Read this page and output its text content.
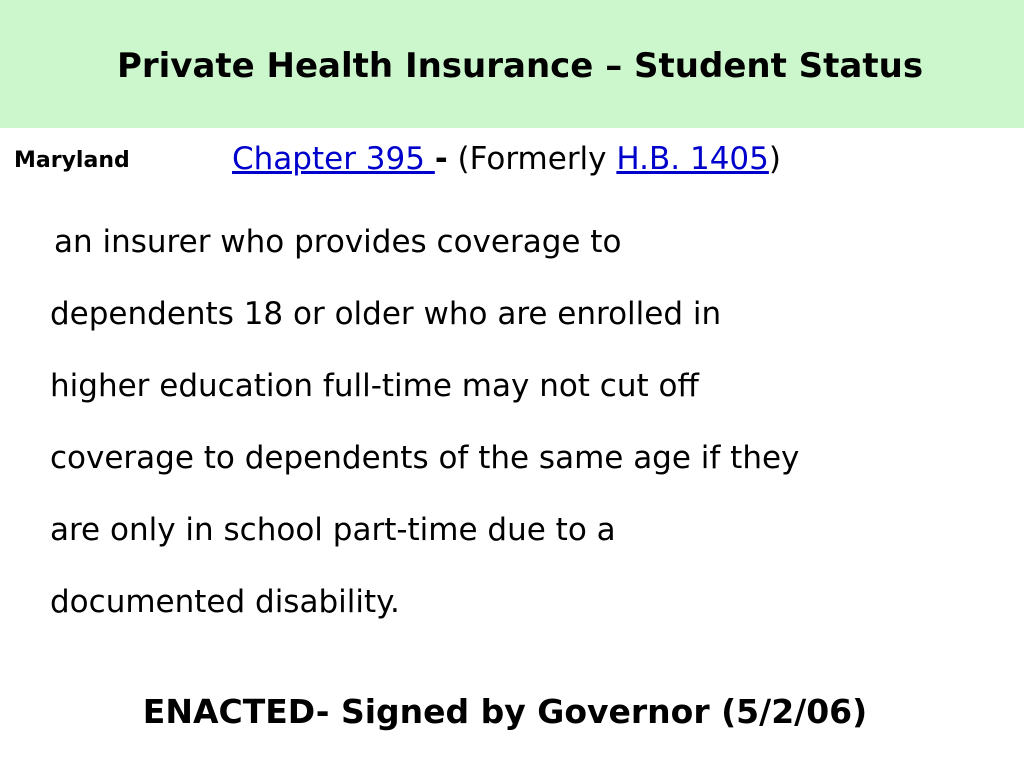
Private Health Insurance – Student Status
Maryland	Chapter 395 - (Formerly H.B. 1405)
an insurer who provides coverage to
dependents 18 or older who are enrolled in
higher education full-time may not cut off
coverage to dependents of the same age if they
are only in school part-time due to a
documented disability.
ENACTED- Signed by Governor (5/2/06)
